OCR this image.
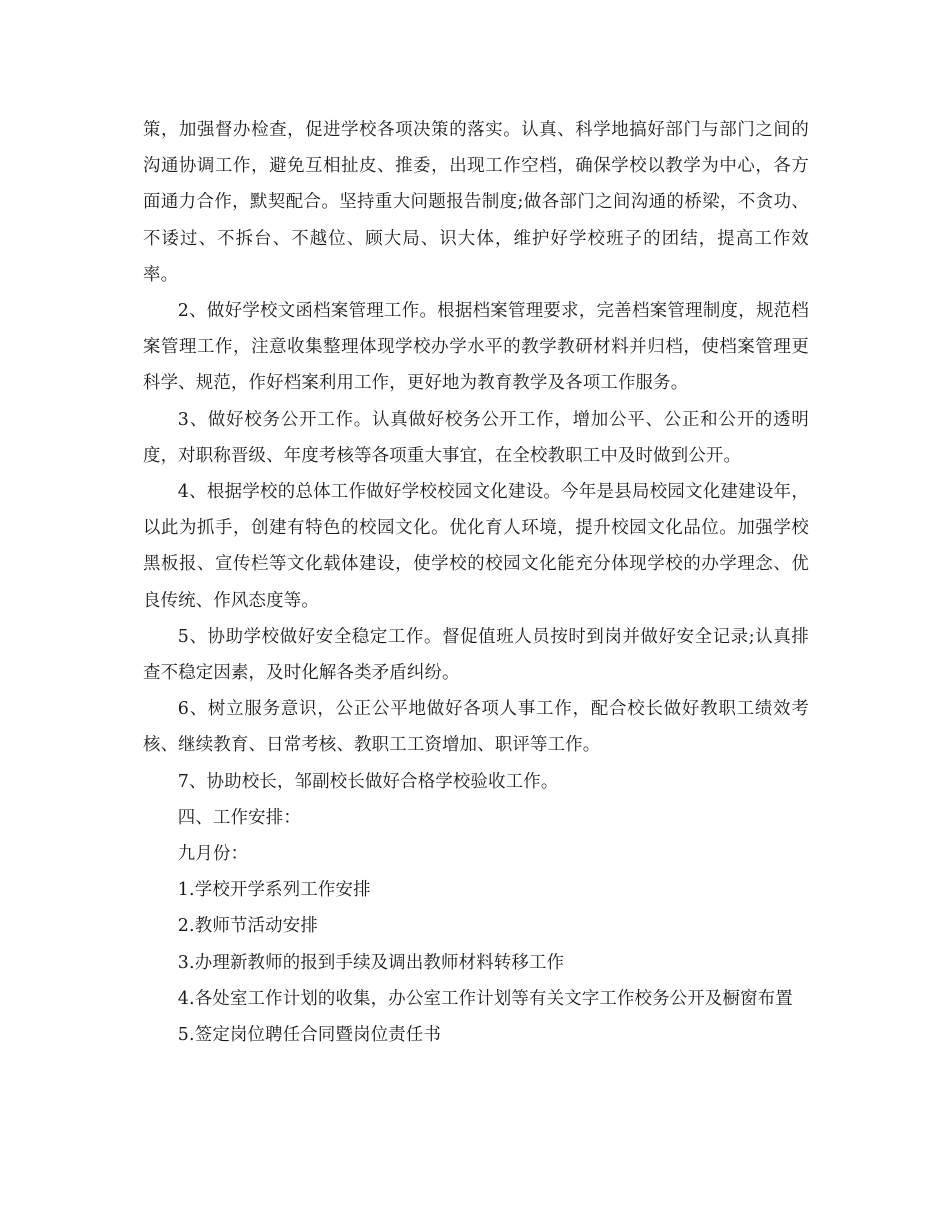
策，加强督办检查，促进学校各项决策的落实。认真、科学地搞好部门与部门之间的沟通协调工作，避免互相扯皮、推委，出现工作空档，确保学校以教学为中心，各方面通力合作，默契配合。坚持重大问题报告制度;做各部门之间沟通的桥梁，不贪功、不诿过、不拆台、不越位、顾大局、识大体，维护好学校班子的团结，提高工作效率。

2、做好学校文函档案管理工作。根据档案管理要求，完善档案管理制度，规范档案管理工作，注意收集整理体现学校办学水平的教学教研材料并归档，使档案管理更科学、规范，作好档案利用工作，更好地为教育教学及各项工作服务。

3、做好校务公开工作。认真做好校务公开工作，增加公平、公正和公开的透明度，对职称晋级、年度考核等各项重大事宜，在全校教职工中及时做到公开。

4、根据学校的总体工作做好学校校园文化建设。今年是县局校园文化建建设年，以此为抓手，创建有特色的校园文化。优化育人环境，提升校园文化品位。加强学校黑板报、宣传栏等文化载体建设，使学校的校园文化能充分体现学校的办学理念、优良传统、作风态度等。

5、协助学校做好安全稳定工作。督促值班人员按时到岗并做好安全记录;认真排查不稳定因素，及时化解各类矛盾纠纷。

6、树立服务意识，公正公平地做好各项人事工作，配合校长做好教职工绩效考核、继续教育、日常考核、教职工工资增加、职评等工作。

7、协助校长，邹副校长做好合格学校验收工作。

四、工作安排：

九月份：

1.学校开学系列工作安排

2.教师节活动安排

3.办理新教师的报到手续及调出教师材料转移工作

4.各处室工作计划的收集，办公室工作计划等有关文字工作校务公开及橱窗布置

5.签定岗位聘任合同暨岗位责任书
